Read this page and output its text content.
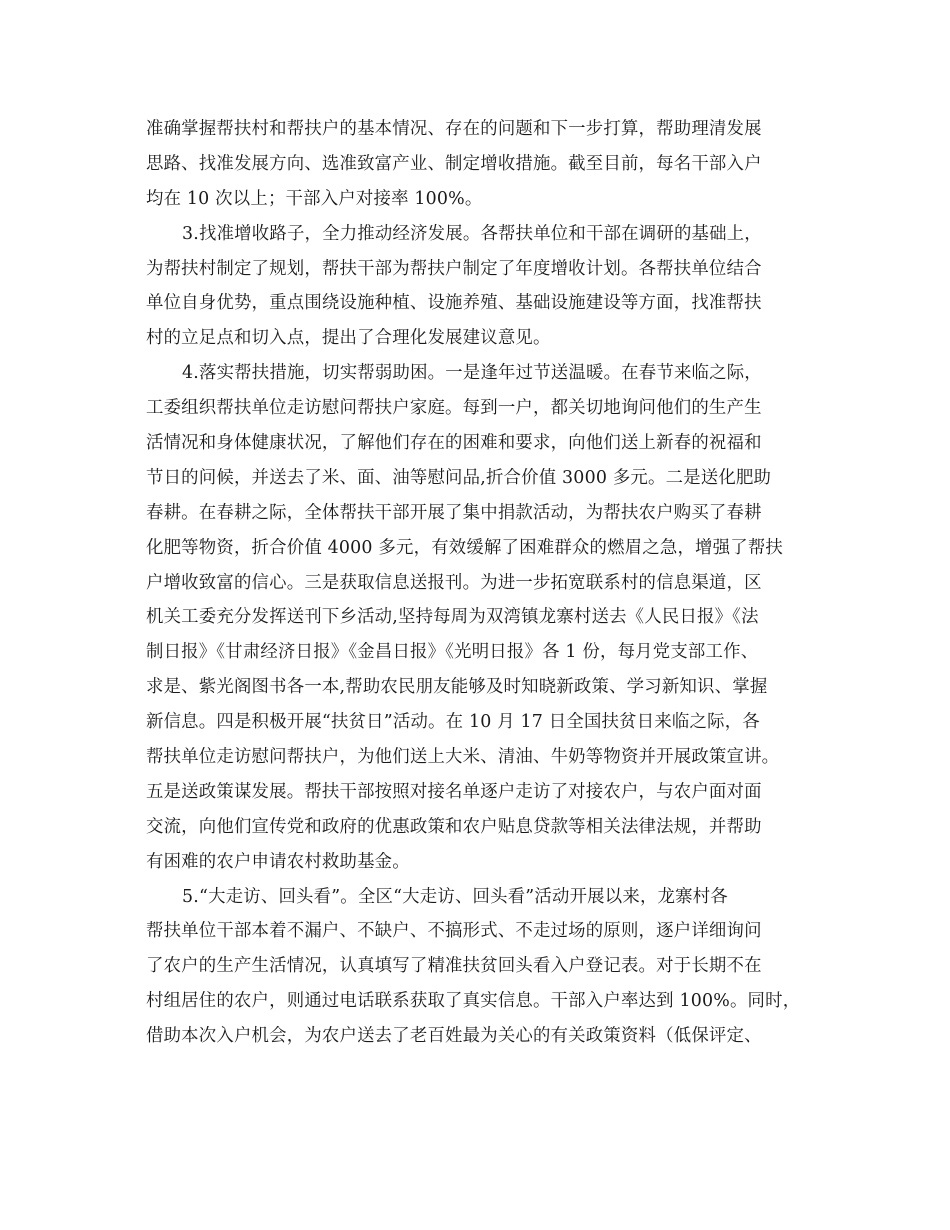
准确掌握帮扶村和帮扶户的基本情况、存在的问题和下一步打算，帮助理清发展
思路、找准发展方向、选准致富产业、制定增收措施。截至目前，每名干部入户
均在 10 次以上；干部入户对接率 100%。
3.找准增收路子，全力推动经济发展。各帮扶单位和干部在调研的基础上，
为帮扶村制定了规划，帮扶干部为帮扶户制定了年度增收计划。各帮扶单位结合
单位自身优势，重点围绕设施种植、设施养殖、基础设施建设等方面，找准帮扶
村的立足点和切入点，提出了合理化发展建议意见。
4.落实帮扶措施，切实帮弱助困。一是逢年过节送温暖。在春节来临之际，
工委组织帮扶单位走访慰问帮扶户家庭。每到一户，都关切地询问他们的生产生
活情况和身体健康状况，了解他们存在的困难和要求，向他们送上新春的祝福和
节日的问候，并送去了米、面、油等慰问品,折合价值 3000 多元。二是送化肥助
春耕。在春耕之际，全体帮扶干部开展了集中捐款活动，为帮扶农户购买了春耕
化肥等物资，折合价值 4000 多元，有效缓解了困难群众的燃眉之急，增强了帮扶
户增收致富的信心。三是获取信息送报刊。为进一步拓宽联系村的信息渠道，区
机关工委充分发挥送刊下乡活动,坚持每周为双湾镇龙寨村送去《人民日报》《法
制日报》《甘肃经济日报》《金昌日报》《光明日报》各 1 份，每月党支部工作、
求是、紫光阁图书各一本,帮助农民朋友能够及时知晓新政策、学习新知识、掌握
新信息。四是积极开展“扶贫日”活动。在 10 月 17 日全国扶贫日来临之际，各
帮扶单位走访慰问帮扶户，为他们送上大米、清油、牛奶等物资并开展政策宣讲。
五是送政策谋发展。帮扶干部按照对接名单逐户走访了对接农户，与农户面对面
交流，向他们宣传党和政府的优惠政策和农户贴息贷款等相关法律法规，并帮助
有困难的农户申请农村救助基金。
5.“大走访、回头看”。全区“大走访、回头看”活动开展以来，龙寨村各
帮扶单位干部本着不漏户、不缺户、不搞形式、不走过场的原则，逐户详细询问
了农户的生产生活情况，认真填写了精准扶贫回头看入户登记表。对于长期不在
村组居住的农户，则通过电话联系获取了真实信息。干部入户率达到 100%。同时，
借助本次入户机会，为农户送去了老百姓最为关心的有关政策资料（低保评定、
